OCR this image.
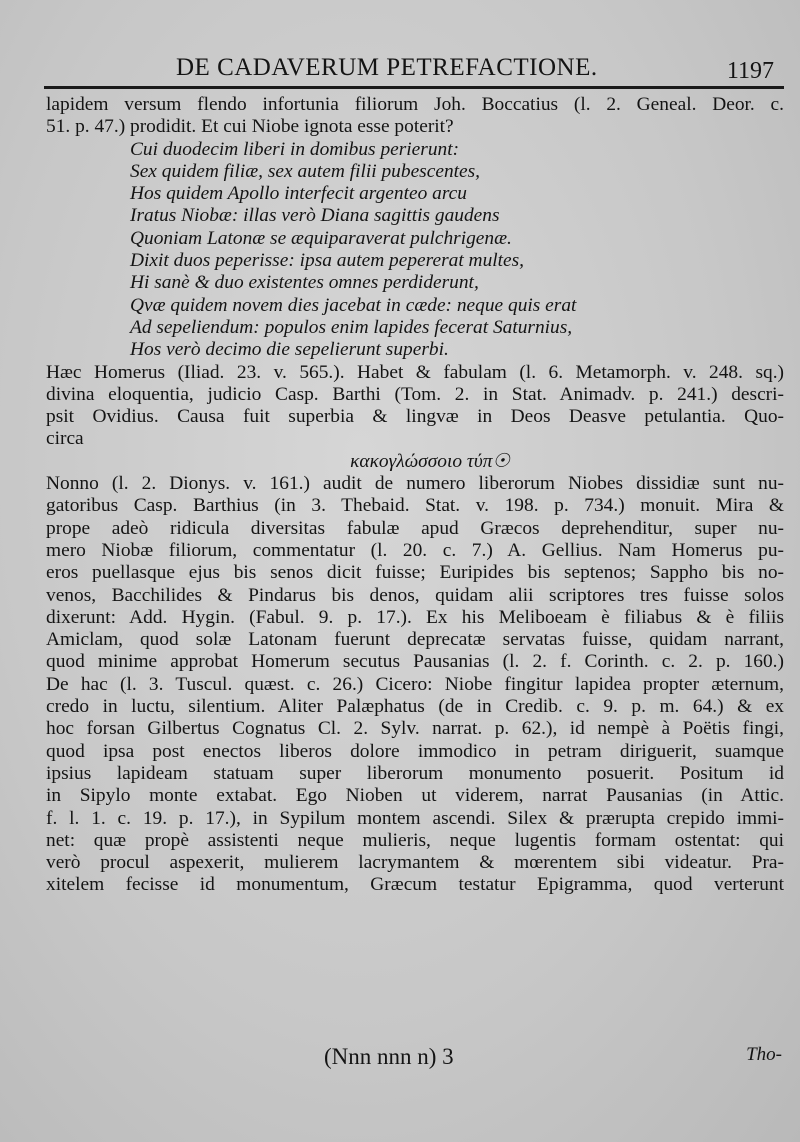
DE CADAVERUM PETREFACTIONE.	1197
lapidem versum flendo infortunia filiorum Joh. Boccatius (l. 2. Geneal. Deor. c.
51. p. 47.) prodidit. Et cui Niobe ignota esse poterit?
Cui duodecim liberi in domibus perierunt:
Sex quidem filiæ, sex autem filii pubescentes,
Hos quidem Apollo interfecit argenteo arcu
Iratus Niobæ: illas verò Diana sagittis gaudens
Quoniam Latonæ se æquiparaverat pulchrigenæ.
Dixit duos peperisse: ipsa autem pepererat multes,
Hi sanè & duo existentes omnes perdiderunt,
Qvæ quidem novem dies jacebat in cæde: neque quis erat
Ad sepeliendum: populos enim lapides fecerat Saturnius,
Hos verò decimo die sepelierunt superbi.
Hæc Homerus (Iliad. 23. v. 565.). Habet & fabulam (l. 6. Metamorph. v. 248. sq.)
divina eloquentia, judicio Casp. Barthi (Tom. 2. in Stat. Animadv. p. 241.) descri-
psit Ovidius. Causa fuit superbia & lingvæ in Deos Deasve petulantia. Quo-
circa
κακογλώσσοιο τύπ☉
Nonno (l. 2. Dionys. v. 161.) audit de numero liberorum Niobes dissidiæ sunt nu-
gatoribus Casp. Barthius (in 3. Thebaid. Stat. v. 198. p. 734.) monuit. Mira &
prope adeò ridicula diversitas fabulæ apud Græcos deprehenditur, super nu-
mero Niobæ filiorum, commentatur (l. 20. c. 7.) A. Gellius. Nam Homerus pu-
eros puellasque ejus bis senos dicit fuisse; Euripides bis septenos; Sappho bis no-
venos, Bacchilides & Pindarus bis denos, quidam alii scriptores tres fuisse solos
dixerunt: Add. Hygin. (Fabul. 9. p. 17.). Ex his Meliboeam è filiabus & è filiis
Amiclam, quod solæ Latonam fuerunt deprecatæ servatas fuisse, quidam narrant,
quod minime approbat Homerum secutus Pausanias (l. 2. f. Corinth. c. 2. p. 160.)
De hac (l. 3. Tuscul. quæst. c. 26.) Cicero: Niobe fingitur lapidea propter æternum,
credo in luctu, silentium. Aliter Palæphatus (de in Credib. c. 9. p. m. 64.) & ex
hoc forsan Gilbertus Cognatus Cl. 2. Sylv. narrat. p. 62.), id nempè à Poëtis fingi,
quod ipsa post enectos liberos dolore immodico in petram diriguerit, suamque
ipsius lapideam statuam super liberorum monumento posuerit. Positum id
in Sipylo monte extabat. Ego Nioben ut viderem, narrat Pausanias (in Attic.
f. l. 1. c. 19. p. 17.), in Sypilum montem ascendi. Silex & prærupta crepido immi-
net: quæ propè assistenti neque mulieris, neque lugentis formam ostentat: qui
verò procul aspexerit, mulierem lacrymantem & mœrentem sibi videatur. Pra-
xitelem fecisse id monumentum, Græcum testatur Epigramma, quod verterunt
(Nnn nnn n) 3	Tho-
